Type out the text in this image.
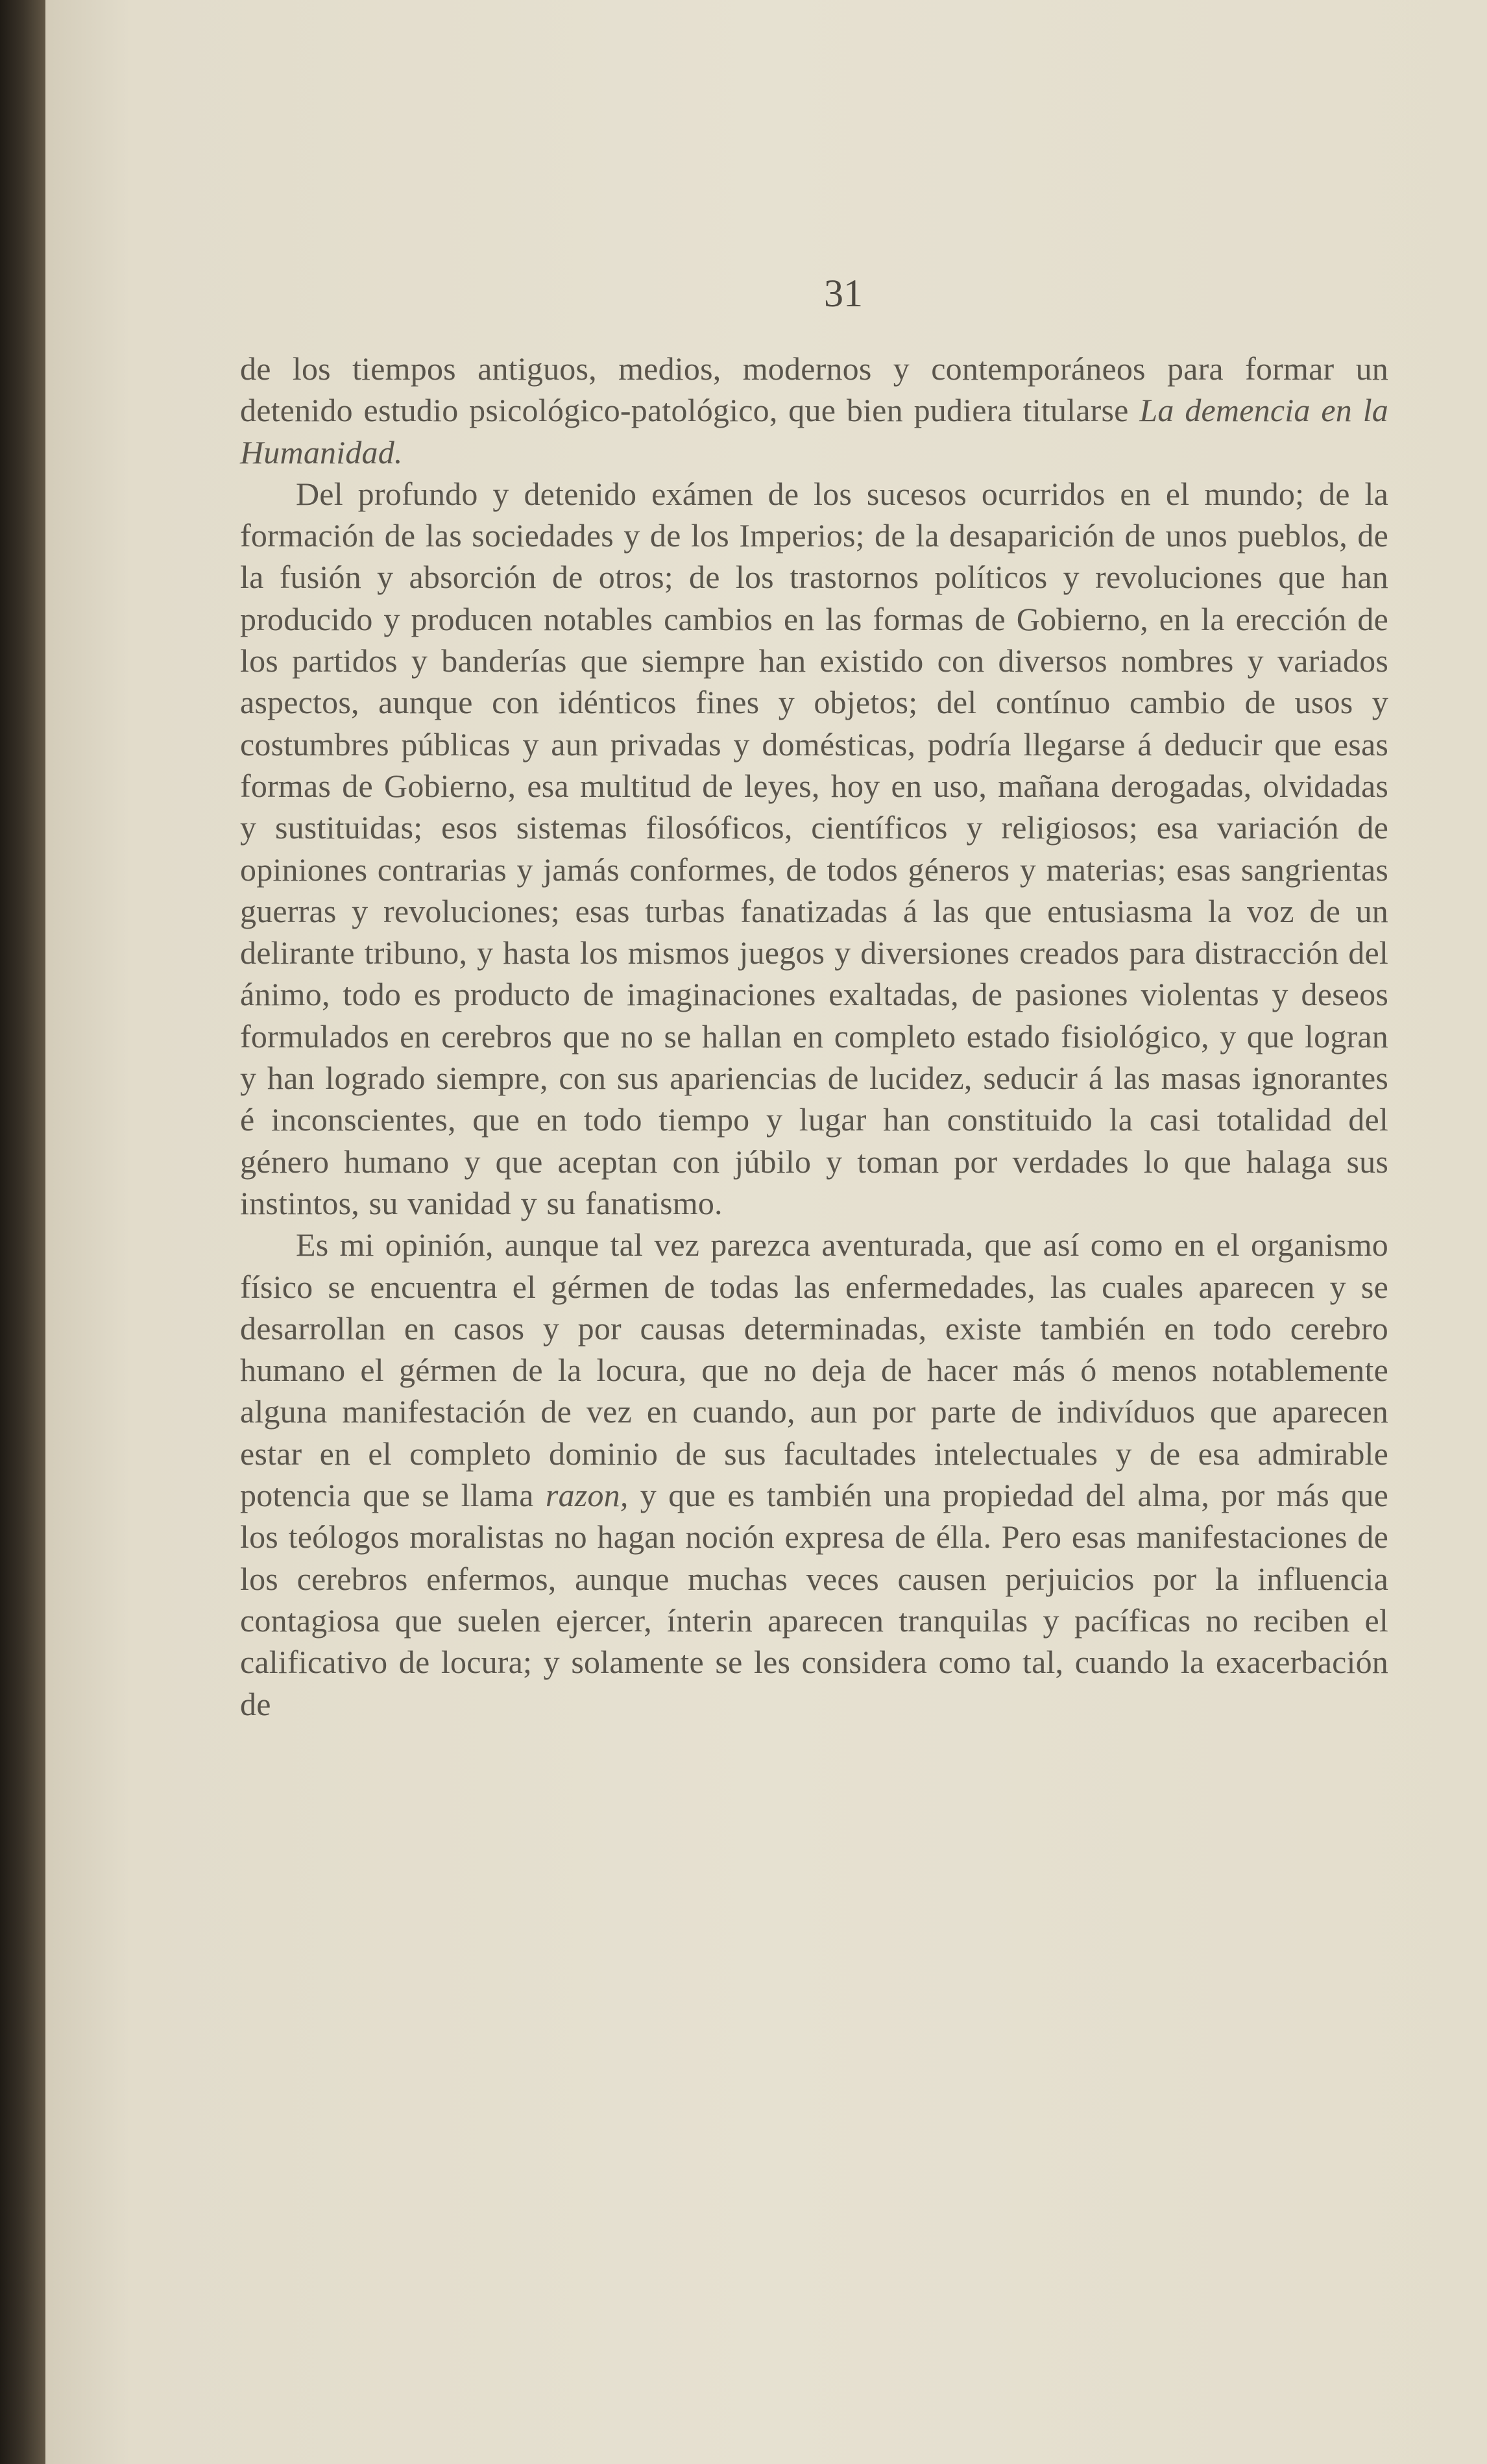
31

de los tiempos antiguos, medios, modernos y contemporáneos para formar un detenido estudio psicológico-patológico, que bien pudiera titularse La demencia en la Humanidad.

Del profundo y detenido exámen de los sucesos ocurridos en el mundo; de la formación de las sociedades y de los Imperios; de la desaparición de unos pueblos, de la fusión y absorción de otros; de los trastornos políticos y revoluciones que han producido y producen notables cambios en las formas de Gobierno, en la erección de los partidos y banderías que siempre han existido con diversos nombres y variados aspectos, aunque con idénticos fines y objetos; del contínuo cambio de usos y costumbres públicas y aun privadas y domésticas, podría llegarse á deducir que esas formas de Gobierno, esa multitud de leyes, hoy en uso, mañana derogadas, olvidadas y sustituidas; esos sistemas filosóficos, científicos y religiosos; esa variación de opiniones contrarias y jamás conformes, de todos géneros y materias; esas sangrientas guerras y revoluciones; esas turbas fanatizadas á las que entusiasma la voz de un delirante tribuno, y hasta los mismos juegos y diversiones creados para distracción del ánimo, todo es producto de imaginaciones exaltadas, de pasiones violentas y deseos formulados en cerebros que no se hallan en completo estado fisiológico, y que logran y han logrado siempre, con sus apariencias de lucidez, seducir á las masas ignorantes é inconscientes, que en todo tiempo y lugar han constituido la casi totalidad del género humano y que aceptan con júbilo y toman por verdades lo que halaga sus instintos, su vanidad y su fanatismo.

Es mi opinión, aunque tal vez parezca aventurada, que así como en el organismo físico se encuentra el gérmen de todas las enfermedades, las cuales aparecen y se desarrollan en casos y por causas determinadas, existe también en todo cerebro humano el gérmen de la locura, que no deja de hacer más ó menos notablemente alguna manifestación de vez en cuando, aun por parte de indivíduos que aparecen estar en el completo dominio de sus facultades intelectuales y de esa admirable potencia que se llama razon, y que es también una propiedad del alma, por más que los teólogos moralistas no hagan noción expresa de élla. Pero esas manifestaciones de los cerebros enfermos, aunque muchas veces causen perjuicios por la influencia contagiosa que suelen ejercer, ínterin aparecen tranquilas y pacíficas no reciben el calificativo de locura; y solamente se les considera como tal, cuando la exacerbación de
